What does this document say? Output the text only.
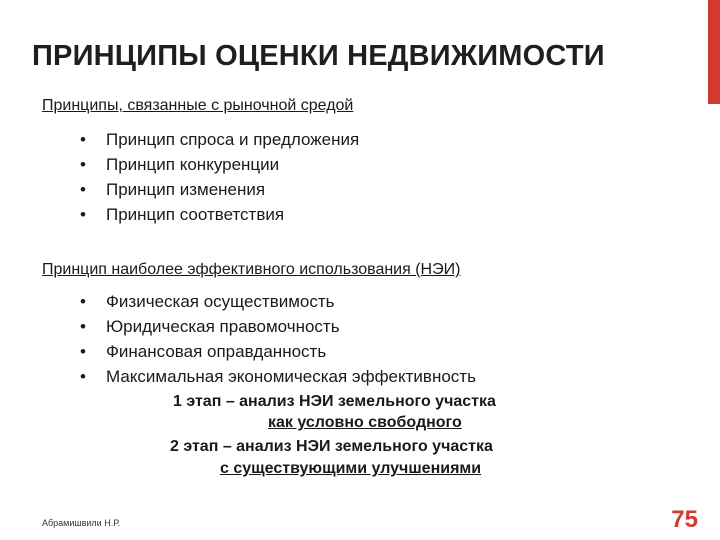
ПРИНЦИПЫ ОЦЕНКИ НЕДВИЖИМОСТИ
Принципы, связанные с рыночной средой
• Принцип спроса и предложения
• Принцип конкуренции
• Принцип изменения
• Принцип соответствия
Принцип наиболее эффективного использования (НЭИ)
• Физическая осуществимость
• Юридическая правомочность
• Финансовая оправданность
• Максимальная экономическая эффективность
1 этап – анализ НЭИ земельного участка
как условно свободного
2 этап – анализ НЭИ земельного участка
с существующими улучшениями
Абрамишвили Н.Р.	75
